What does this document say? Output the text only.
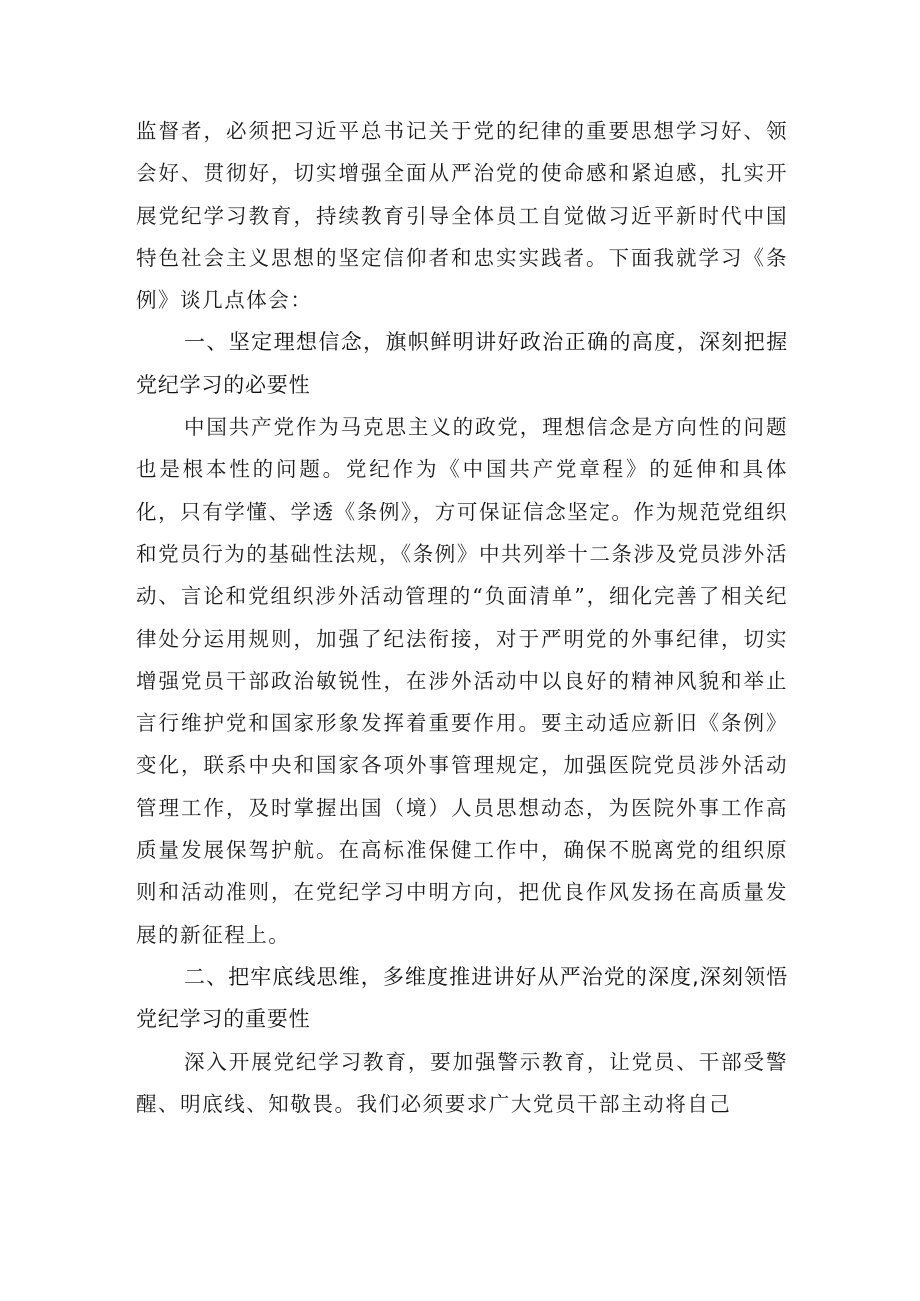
监督者，必须把习近平总书记关于党的纪律的重要思想学习好、领会好、贯彻好，切实增强全面从严治党的使命感和紧迫感，扎实开展党纪学习教育，持续教育引导全体员工自觉做习近平新时代中国特色社会主义思想的坚定信仰者和忠实实践者。下面我就学习《条例》谈几点体会：

一、坚定理想信念，旗帜鲜明讲好政治正确的高度，深刻把握党纪学习的必要性

中国共产党作为马克思主义的政党，理想信念是方向性的问题也是根本性的问题。党纪作为《中国共产党章程》的延伸和具体化，只有学懂、学透《条例》，方可保证信念坚定。作为规范党组织和党员行为的基础性法规，《条例》中共列举十二条涉及党员涉外活动、言论和党组织涉外活动管理的“负面清单”，细化完善了相关纪律处分运用规则，加强了纪法衔接，对于严明党的外事纪律，切实增强党员干部政治敏锐性，在涉外活动中以良好的精神风貌和举止言行维护党和国家形象发挥着重要作用。要主动适应新旧《条例》变化，联系中央和国家各项外事管理规定，加强医院党员涉外活动管理工作，及时掌握出国（境）人员思想动态，为医院外事工作高质量发展保驾护航。在高标准保健工作中，确保不脱离党的组织原则和活动准则，在党纪学习中明方向，把优良作风发扬在高质量发展的新征程上。

二、把牢底线思维，多维度推进讲好从严治党的深度,深刻领悟党纪学习的重要性

深入开展党纪学习教育，要加强警示教育，让党员、干部受警醒、明底线、知敬畏。我们必须要求广大党员干部主动将自己
